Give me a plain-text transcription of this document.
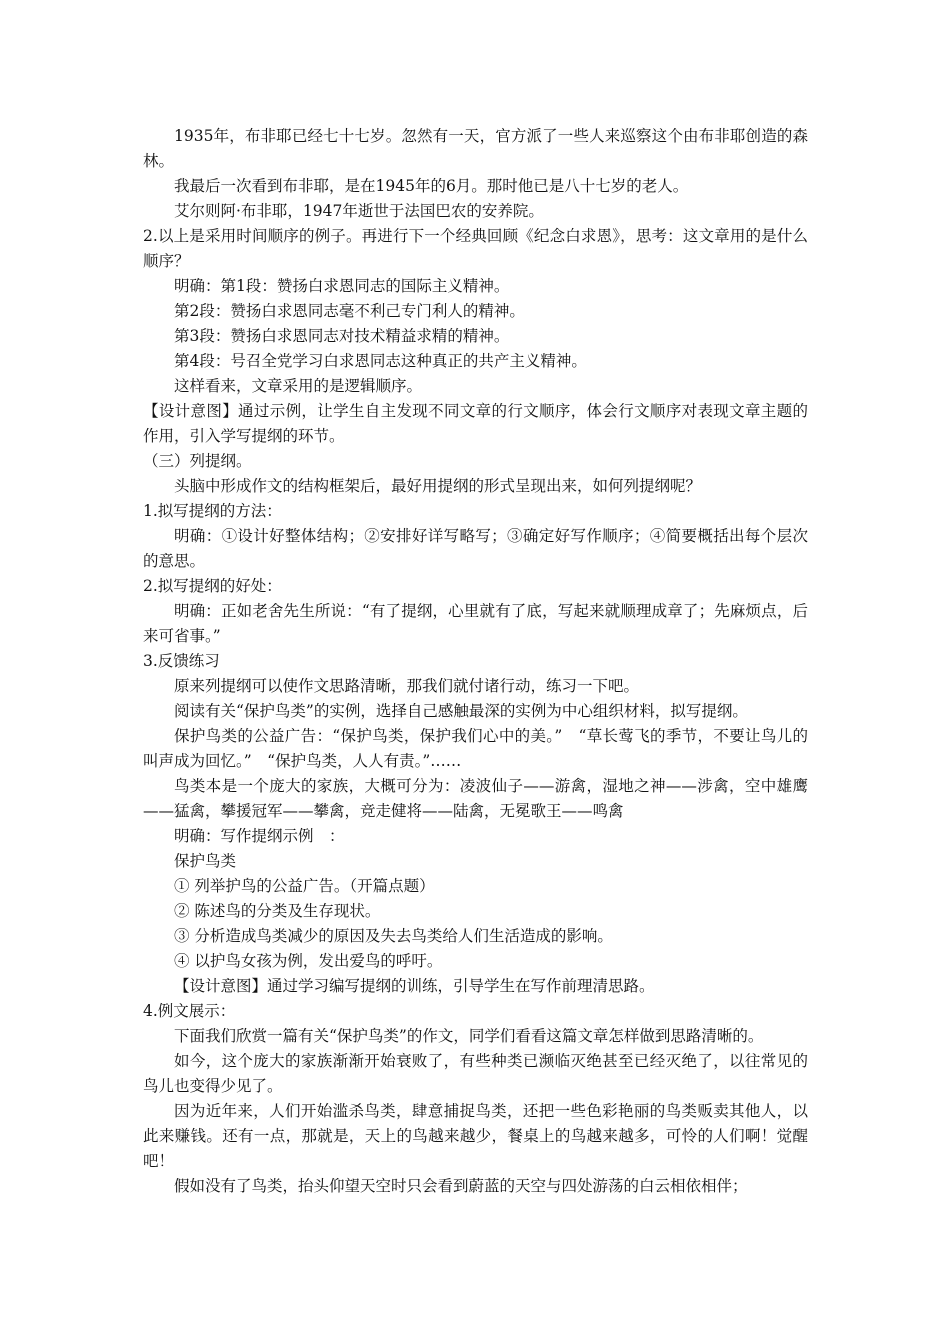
1935年，布非耶已经七十七岁。忽然有一天，官方派了一些人来巡察这个由布非耶创造的森林。

我最后一次看到布非耶，是在1945年的6月。那时他已是八十七岁的老人。

艾尔则阿·布非耶，1947年逝世于法国巴农的安养院。

2.以上是采用时间顺序的例子。再进行下一个经典回顾《纪念白求恩》，思考：这文章用的是什么顺序？

明确：第1段：赞扬白求恩同志的国际主义精神。

第2段：赞扬白求恩同志毫不利己专门利人的精神。

第3段：赞扬白求恩同志对技术精益求精的精神。

第4段：号召全党学习白求恩同志这种真正的共产主义精神。

这样看来，文章采用的是逻辑顺序。

【设计意图】通过示例，让学生自主发现不同文章的行文顺序，体会行文顺序对表现文章主题的作用，引入学写提纲的环节。

（三）列提纲。

头脑中形成作文的结构框架后，最好用提纲的形式呈现出来，如何列提纲呢？

1.拟写提纲的方法：

明确：①设计好整体结构；②安排好详写略写；③确定好写作顺序；④简要概括出每个层次的意思。

2.拟写提纲的好处：

明确：正如老舍先生所说：“有了提纲，心里就有了底，写起来就顺理成章了；先麻烦点，后来可省事。”

3.反馈练习

原来列提纲可以使作文思路清晰，那我们就付诸行动，练习一下吧。

阅读有关“保护鸟类”的实例，选择自己感触最深的实例为中心组织材料，拟写提纲。

保护鸟类的公益广告：“保护鸟类，保护我们心中的美。”　“草长莺飞的季节，不要让鸟儿的叫声成为回忆。”　“保护鸟类，人人有责。”……

鸟类本是一个庞大的家族，大概可分为：凌波仙子——游禽，湿地之神——涉禽，空中雄鹰——猛禽，攀援冠军——攀禽，竞走健将——陆禽，无冕歌王——鸣禽

明确：写作提纲示例　：

保护鸟类

① 列举护鸟的公益广告。（开篇点题）

② 陈述鸟的分类及生存现状。

③ 分析造成鸟类减少的原因及失去鸟类给人们生活造成的影响。

④ 以护鸟女孩为例，发出爱鸟的呼吁。

【设计意图】通过学习编写提纲的训练，引导学生在写作前理清思路。

4.例文展示：

下面我们欣赏一篇有关“保护鸟类”的作文，同学们看看这篇文章怎样做到思路清晰的。

如今，这个庞大的家族渐渐开始衰败了，有些种类已濒临灭绝甚至已经灭绝了，以往常见的鸟儿也变得少见了。

因为近年来，人们开始滥杀鸟类，肆意捕捉鸟类，还把一些色彩艳丽的鸟类贩卖其他人，以此来赚钱。还有一点，那就是，天上的鸟越来越少，餐桌上的鸟越来越多，可怜的人们啊！觉醒吧！

假如没有了鸟类，抬头仰望天空时只会看到蔚蓝的天空与四处游荡的白云相依相伴；
